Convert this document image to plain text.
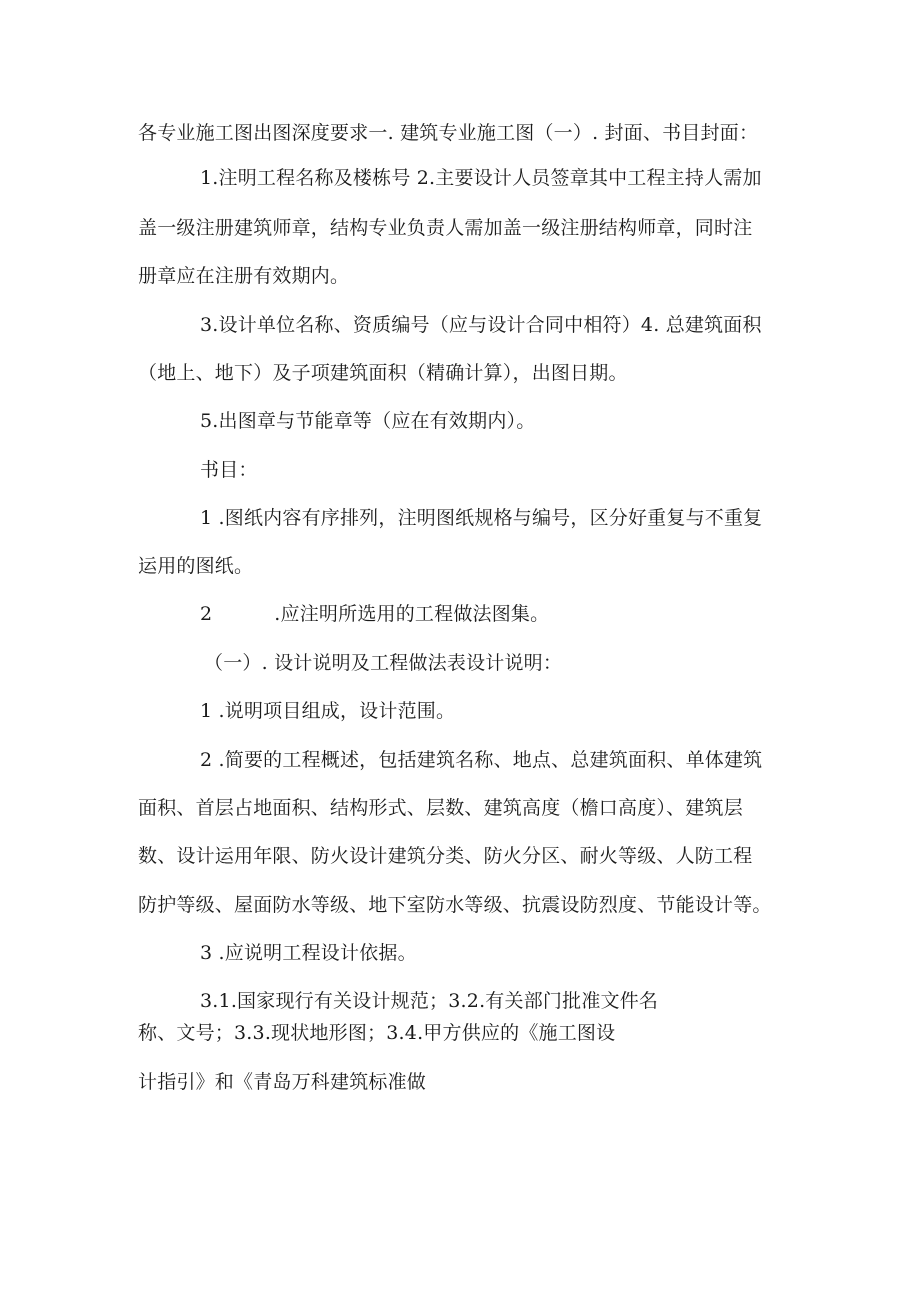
各专业施工图出图深度要求一. 建筑专业施工图（一）. 封面、书目封面：
1.注明工程名称及楼栋号 2.主要设计人员签章其中工程主持人需加
盖一级注册建筑师章，结构专业负责人需加盖一级注册结构师章，同时注
册章应在注册有效期内。
3.设计单位名称、资质编号（应与设计合同中相符）4. 总建筑面积
（地上、地下）及子项建筑面积（精确计算），出图日期。
5.出图章与节能章等（应在有效期内）。
书目：
1 .图纸内容有序排列，注明图纸规格与编号，区分好重复与不重复
运用的图纸。
2	.应注明所选用的工程做法图集。
（一）. 设计说明及工程做法表设计说明：
1 .说明项目组成，设计范围。
2 .简要的工程概述，包括建筑名称、地点、总建筑面积、单体建筑
面积、首层占地面积、结构形式、层数、建筑高度（檐口高度）、建筑层
数、设计运用年限、防火设计建筑分类、防火分区、耐火等级、人防工程
防护等级、屋面防水等级、地下室防水等级、抗震设防烈度、节能设计等。
3 .应说明工程设计依据。
3.1.国家现行有关设计规范；3.2.有关部门批准文件名
称、文号；3.3.现状地形图；3.4.甲方供应的《施工图设
计指引》和《青岛万科建筑标准做
